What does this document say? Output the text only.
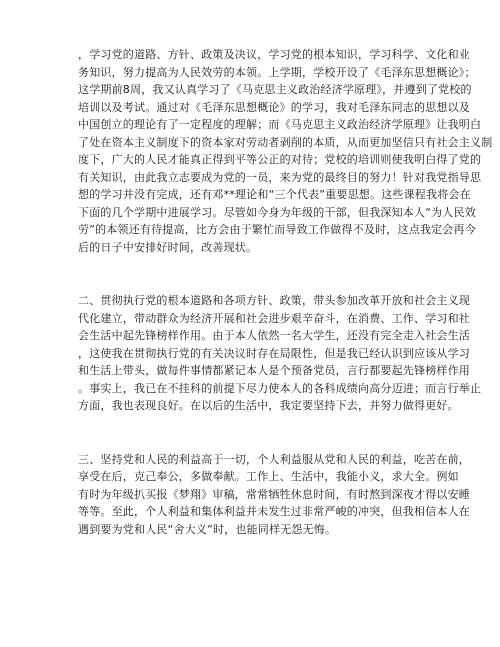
，学习党的道路、方针、政策及决议，学习党的根本知识，学习科学、文化和业
务知识，努力提高为人民效劳的本领。上学期，学校开设了《毛泽东思想概论》；
这学期前8周，我又认真学习了《马克思主义政治经济学原理》，并遵到了党校的
培训以及考试。通过对《毛泽东思想概论》的学习，我对毛泽东同志的思想以及
中国创立的理论有了一定程度的理解；而《马克思主义政治经济学原理》让我明白
了处在资本主义制度下的资本家对劳动者剥削的本质，从而更加坚信只有社会主义制
度下，广大的人民才能真正得到平等公正的对待；党校的培训则使我明白得了党的
有关知识，由此我立志要成为党的一员，来为党的最终目的努力！针对我党指导思
想的学习并没有完成，还有邓**理论和“三个代表”重要思想。这些课程我将会在
下面的几个学期中进展学习。尽管如今身为年级的干部，但我深知本人“为人民效
劳”的本领还有待提高，比方会由于繁忙而导致工作做得不及时，这点我定会再今
后的日子中安排好时间，改善现状。

二、贯彻执行党的根本道路和各项方针、政策，带头参加改革开放和社会主义现
代化建立，带动群众为经济开展和社会进步艰辛奋斗，在消费、工作、学习和社
会生活中起先锋榜样作用。由于本人依然一名大学生，还没有完全走入社会生活
，这使我在贯彻执行党的有关决议时存在局限性，但是我已经认识到应该从学习
和生活上带头，做每件事情都紧记本人是个预备党员，言行都要起先锋榜样作用
。事实上，我已在不挂科的前提下尽力使本人的各科成绩向高分迈进；而言行举止
方面，我也表现良好。在以后的生活中，我定要坚持下去，并努力做得更好。

三、坚持党和人民的利益高于一切，个人利益服从党和人民的利益，吃苦在前，
享受在后，克己奉公，多做奉献。工作上、生活中，我能小义，求大全。例如
有时为年级扒买报《梦翔》审稿，常常牺牲休息时间，有时熬到深夜才得以安睡
等等。至此，个人利益和集体利益并未发生过非常严峻的冲突，但我相信本人在
遇到要为党和人民“舍大义”时，也能同样无怨无悔。
